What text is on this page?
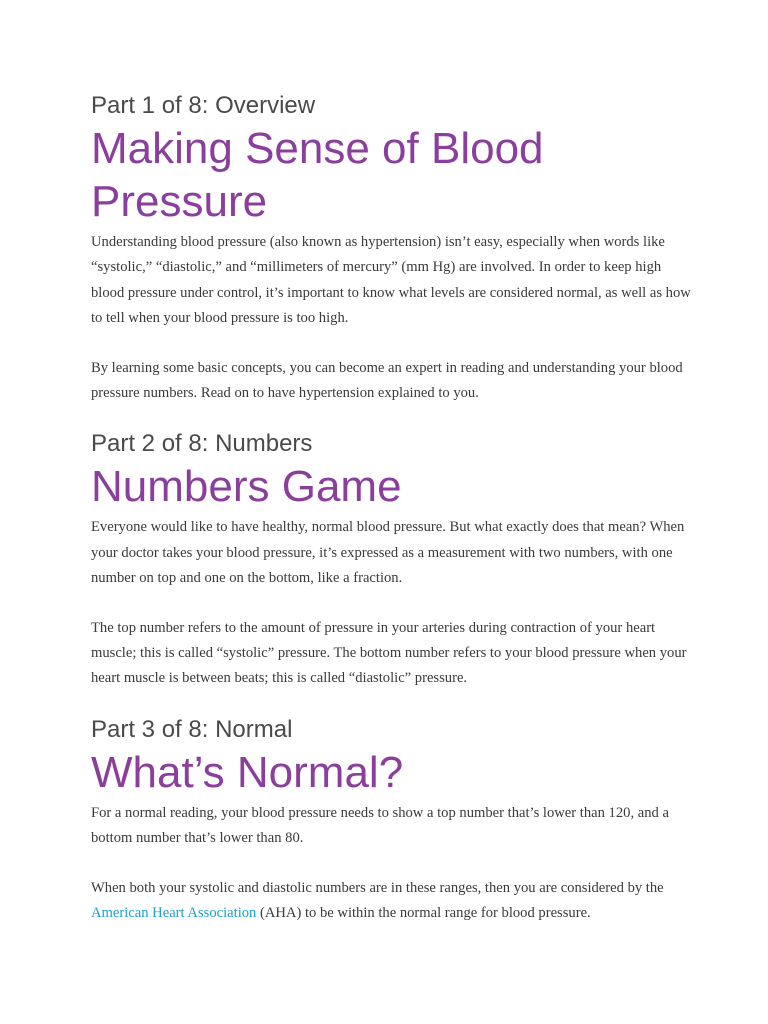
Part 1 of 8: Overview
Making Sense of Blood Pressure

Understanding blood pressure (also known as hypertension) isn’t easy, especially when words like “systolic,” “diastolic,” and “millimeters of mercury” (mm Hg) are involved. In order to keep high blood pressure under control, it’s important to know what levels are considered normal, as well as how to tell when your blood pressure is too high.

By learning some basic concepts, you can become an expert in reading and understanding your blood pressure numbers. Read on to have hypertension explained to you.

Part 2 of 8: Numbers
Numbers Game

Everyone would like to have healthy, normal blood pressure. But what exactly does that mean? When your doctor takes your blood pressure, it’s expressed as a measurement with two numbers, with one number on top and one on the bottom, like a fraction.

The top number refers to the amount of pressure in your arteries during contraction of your heart muscle; this is called “systolic” pressure. The bottom number refers to your blood pressure when your heart muscle is between beats; this is called “diastolic” pressure.

Part 3 of 8: Normal
What’s Normal?

For a normal reading, your blood pressure needs to show a top number that’s lower than 120, and a bottom number that’s lower than 80.

When both your systolic and diastolic numbers are in these ranges, then you are considered by the American Heart Association (AHA) to be within the normal range for blood pressure.
